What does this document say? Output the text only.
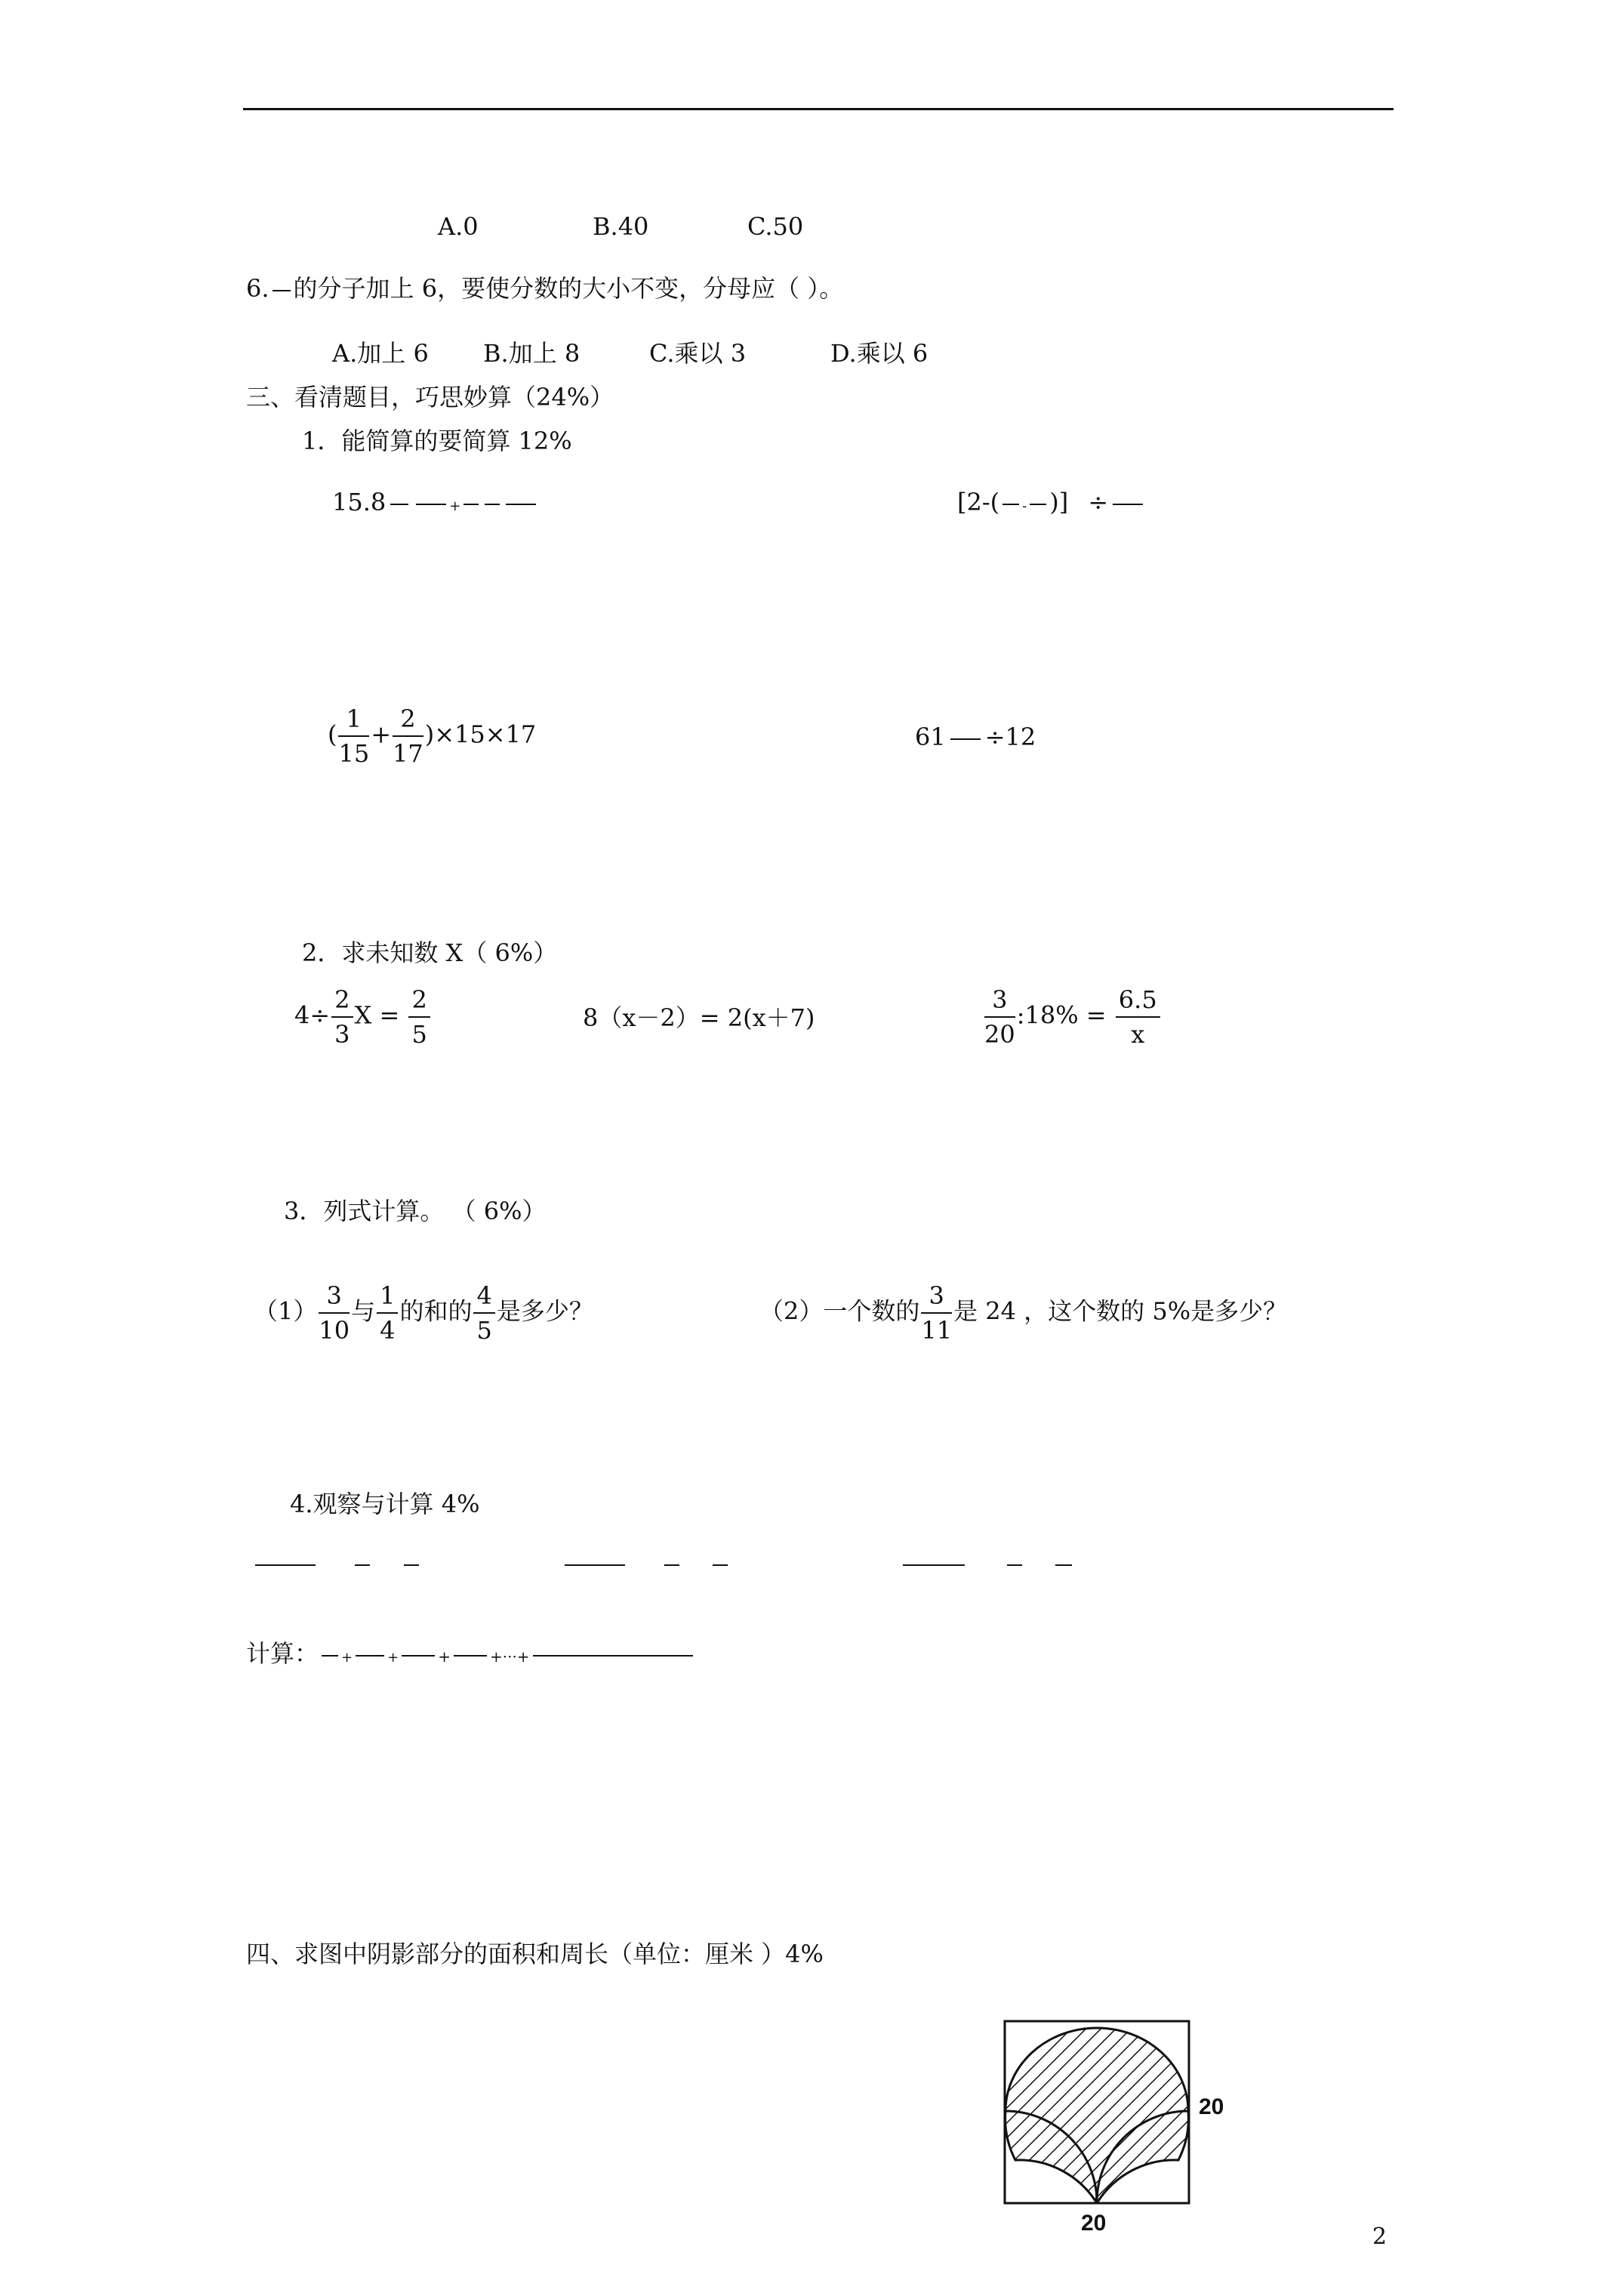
A.0	B.40	C.50
6. 的分子加上 6，要使分数的大小不变，分母应（ ）。
A.加上 6 B.加上 8	C.乘以 3	D.乘以 6
三、看清题目，巧思妙算（24%）
1．能简算的要简算 12%
15.8	+	[2-( - )] ÷
( $\frac{1}{15} + \frac{2}{17} )\times 15\times 17$	61 ÷12
2．求未知数 X（ 6%）
$4\div \frac{2}{3}$ $X = \frac{2}{5}$	8（x－2）= 2(x＋7)	$\frac{3}{20}$ :18% = $\frac{6.5}{x}$
3．列式计算。 （ 6%）
$(1) \frac{3}{10}$ 与 $\frac{1}{4}$ 的和的 $\frac{4}{5}$ 是多少？	（2）一个数的 $\frac{3}{11}$ 是 24 ，这个数的 5%是多少？
4.观察与计算 4%
计算： +	+	+	+···+
四、求图中阴影部分的面积和周长（单位：厘米 ）4%
20
20
2
